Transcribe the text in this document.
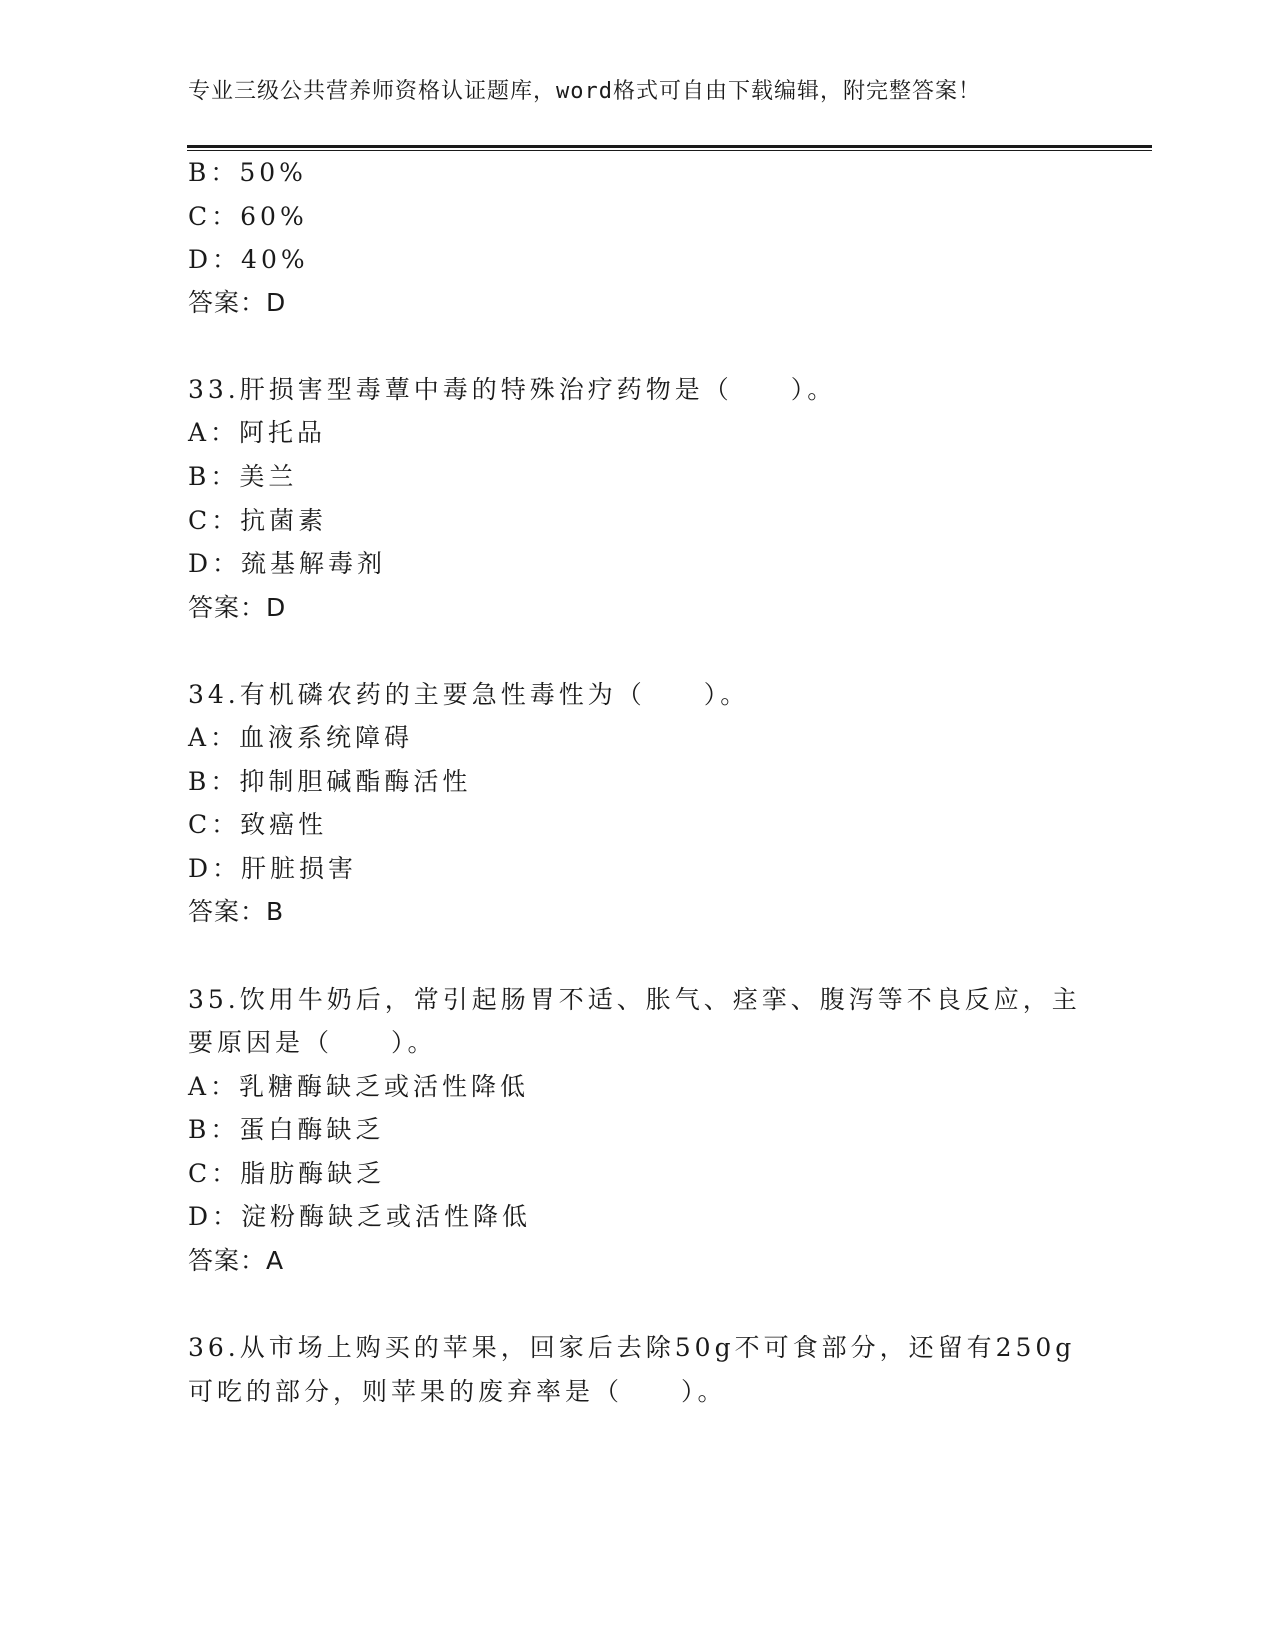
专业三级公共营养师资格认证题库，word格式可自由下载编辑，附完整答案！
B：50%
C：60%
D：40%
答案：D
33.肝损害型毒蕈中毒的特殊治疗药物是（　　）。
A：阿托品
B：美兰
C：抗菌素
D：巯基解毒剂
答案：D
34.有机磷农药的主要急性毒性为（　　）。
A：血液系统障碍
B：抑制胆碱酯酶活性
C：致癌性
D：肝脏损害
答案：B
35.饮用牛奶后，常引起肠胃不适、胀气、痉挛、腹泻等不良反应，主
要原因是（　　）。
A：乳糖酶缺乏或活性降低
B：蛋白酶缺乏
C：脂肪酶缺乏
D：淀粉酶缺乏或活性降低
答案：A
36.从市场上购买的苹果，回家后去除50g不可食部分，还留有250g
可吃的部分，则苹果的废弃率是（　　）。
